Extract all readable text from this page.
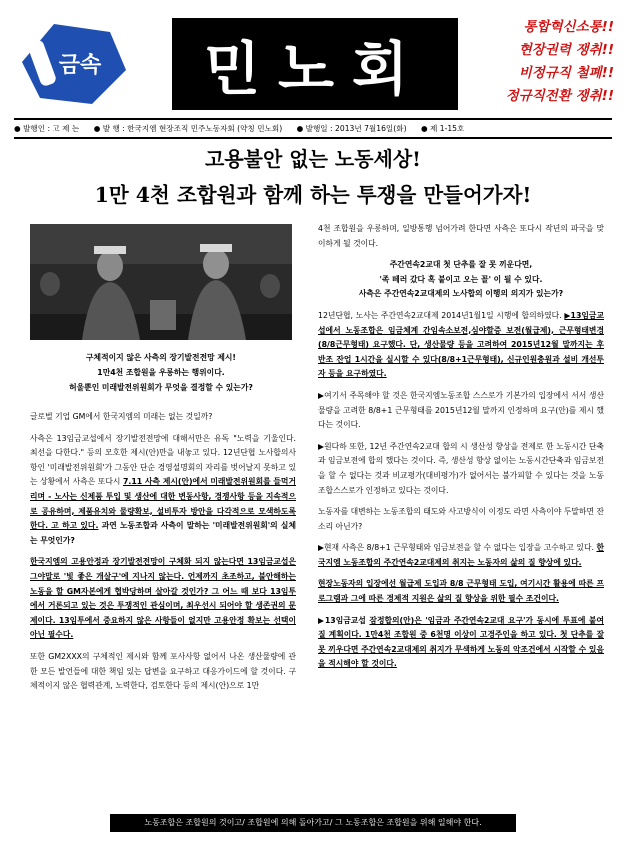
금속 민노회
통합혁신소통!!
현장권력 쟁취!!
비정규직 철폐!!
정규직전환 쟁취!!
● 발행인 : 고 제 는 ● 발 행 : 한국지엠 현장조직 민주노동자회 (약칭 민노회) ● 발행일 : 2013년 7월16일(화) ● 제 1-15호
고용불안 없는 노동세상!
1만 4천 조합원과 함께 하는 투쟁을 만들어가자!
구체적이지 않은 사측의 장기발전전망 제시!
1만4천 조합원을 우롱하는 행위이다.
허울뿐인 미래발전위원회가 무엇을 결정할 수 있는가?

글로벌 기업 GM에서 한국지엠의 미래는 없는 것일까?

사측은 13임금교섭에서 장기발전전망에 대해서만은 유독 "노력을 기울인다. 최선을 다한다." 등의 모호한 제시(안)만을 내놓고 있다. 12년단협 노사합의사항인 '미래발전위원회'가 그동안 단순 경영설명회의 자리를 벗어날지 못하고 있는 상황에서 사측은 또다시 7.11 사측 제시(안)에서 미래발전위원회를 들먹거리며 - 노사는 신제품 투입 및 생산에 대한 변동사항, 경쟁사항 등을 지속적으로 공유하며, 제품유치와 물량확보, 설비투자 방안을 다각적으로 모색하도록 한다. 고 하고 있다. 과연 노동조합과 사측이 말하는 '미래발전위원회'의 실체는 무엇인가?

한국지엠의 고용안정과 장기발전전망이 구체화 되지 않는다면 13임금교섭은 그야말로 '빛 좋은 개살구'에 지나지 않는다. 언제까지 초조하고, 불안해하는 노동을 할 GM자본에게 협박당하며 살아갈 것인가? 그 어느 때 보다 13임투에서 거론되고 있는 것은 투쟁적인 관심이며, 최우선시 되어야 할 생존권의 문제이다. 13임투에서 중요하지 않은 사항들이 없지만 고용안정 확보는 선택이 아닌 필수다.

또한 GM2XXX의 구체적인 제시와 함께 포사사항 없어서 나온 생산물량에 관한 모든 발언들에 대한 책임 있는 답변을 요구하고 대응가이드에 할 것이다. 구체적이지 않은 협력관계, 노력한다, 검토한다 등의 제시(안)으로 1만

4천 조합원을 우롱하며, 일방통행 넘어가려 한다면 사측은 또다시 작년의 파국을 맞이하게 될 것이다.

주간연속2교대 첫 단추를 잘 못 끼운다면,
'족 떼러 갔다 혹 붙이고 오는 꼴' 이 될 수 있다.
사측은 주간연속2교대제의 노사합의 이행의 의지가 있는가?

12년단협, 노사는 주간연속2교대제 2014년1월1일 시행에 합의하였다. ▶13임금교섭에서 노동조합은 임금체계 간임속소보전,심야할증 보전(월급제), 근무형태변경(8/8근무형태) 요구했다. 단, 생산물량 등을 고려하여 2015년12월 말까지는 후 반조 잔업 1시간을 실시할 수 있다(8/8+1근무형태), 신규인원충원과 설비 개선투자 등을 요구하였다.

▶여기서 주목해야 할 것은 한국지엠노동조합 스스로가 기본가의 입장에서 서서 생산물량을 고려한 8/8+1 근무형태를 2015년12월 말까지 인정하며 요구(안)를 제시 했다는 것이다.

▶원다하 또한, 12년 주간연속2교대 합의 시 생산성 향상을 전제로 한 노동시간 단축과 임금보전에 합의 했다는 것이다. 즉, 생산성 향상 없이는 노동시간단축과 임금보전을 할 수 없다는 것과 비교평가(대비평가)가 없어서는 불가피할 수 있다는 것을 노동조합스스로가 인정하고 있다는 것이다.

노동자를 대변하는 노동조합의 태도와 사고방식이 이정도 라면 사측이야 두말하면 잔소리 아닌가?

▶현재 사측은 8/8+1 근무형태와 임금보전을 할 수 없다는 입장을 고수하고 있다. 한국지엠 노동조합의 주간연속2교대제의 취지는 노동자의 삶의 질 향상에 있다.

현장노동자의 입장에선 월급제 도입과 8/8 근무형태 도입, 여기시간 활용에 따른 프로그램과 그에 따른 경제적 지원은 삶의 질 향상을 위한 필수 조건이다.

▶13임금교섭 잠정합의(안)은 '임금과 주간연속2교대 요구'가 동시에 투표에 붙여질 계획이다. 1만4천 조합원 중 6천명 이상이 고경주인을 하고 있다. 첫 단추를 잘못 끼우다면 주간연속2교대제의 취지가 무색하게 노동의 악조건에서 시작할 수 있음을 적시해야 할 것이다.

노동조합은 조합원의 것이고/ 조합원에 의해 돌아가고/ 그 노동조합은 조합원을 위해 일해야 한다.
